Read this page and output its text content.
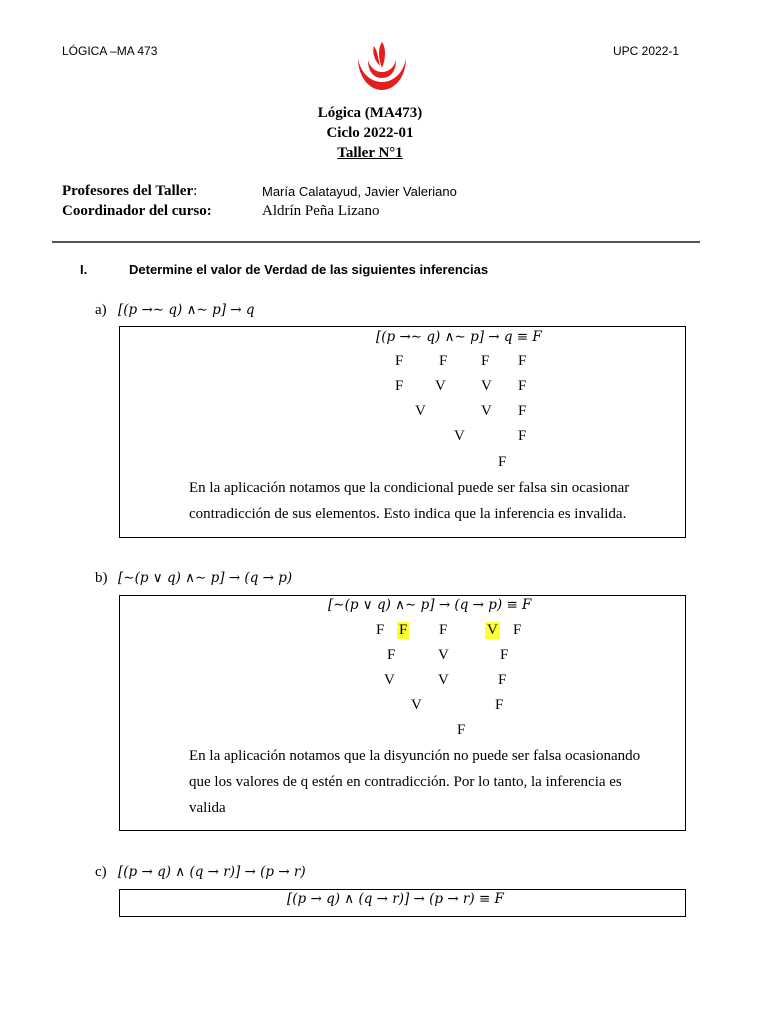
LÓGICA –MA 473	UPC 2022-1
Lógica (MA473)
Ciclo 2022-01
Taller N°1
Profesores del Taller:	María Calatayud, Javier Valeriano
Coordinador del curso:	Aldrín Peña Lizano
I.	Determine el valor de Verdad de las siguientes inferencias
a) [(p →∼ q) ∧∼ p] → q
[(p →∼ q) ∧∼ p] → q ≡ F
F F F F
F V V F
V	V F
V	F
F
En la aplicación notamos que la condicional puede ser falsa sin ocasionar
contradicción de sus elementos. Esto indica que la inferencia es invalida.
b) [∼(p ∨ q) ∧∼ p] → (q → p)
[∼(p ∨ q) ∧∼ p] → (q → p) ≡ F
F F F	V F
F	V	F
V	V	F
V	F
F
En la aplicación notamos que la disyunción no puede ser falsa ocasionando
que los valores de q estén en contradicción. Por lo tanto, la inferencia es
valida
c) [(p → q) ∧ (q → r)] → (p → r)
[(p → q) ∧ (q → r)] → (p → r) ≡ F
